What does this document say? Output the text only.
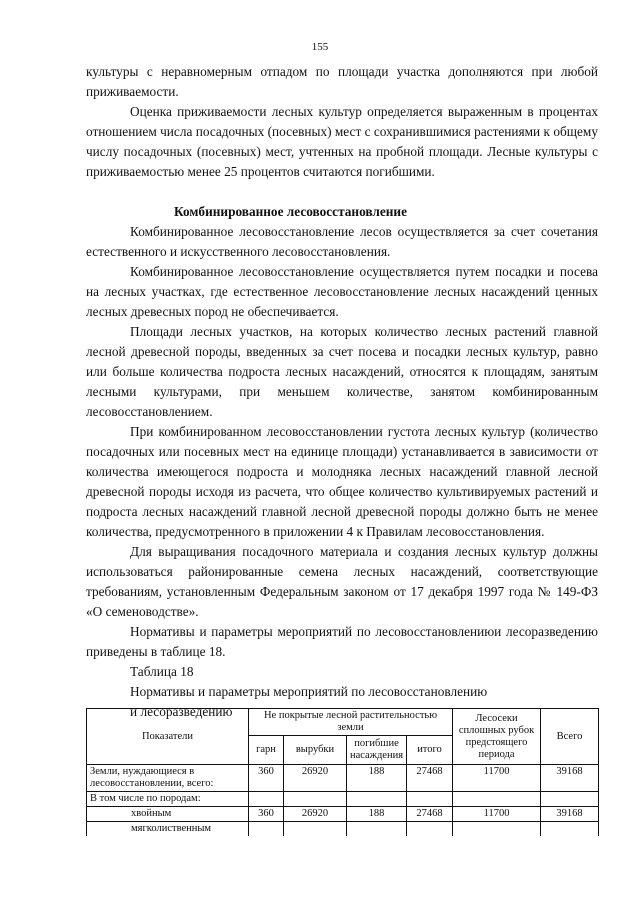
155

культуры с неравномерным отпадом по площади участка дополняются при любой приживаемости.

Оценка приживаемости лесных культур определяется выраженным в процентах отношением числа посадочных (посевных) мест с сохранившимися растениями к общему числу посадочных (посевных) мест, учтенных на пробной площади. Лесные культуры с приживаемостью менее 25 процентов считаются погибшими.

Комбинированное лесовосстановление

Комбинированное лесовосстановление лесов осуществляется за счет сочетания естественного и искусственного лесовосстановления.

Комбинированное лесовосстановление осуществляется путем посадки и посева на лесных участках, где естественное лесовосстановление лесных насаждений ценных лесных древесных пород не обеспечивается.

Площади лесных участков, на которых количество лесных растений главной лесной древесной породы, введенных за счет посева и посадки лесных культур, равно или больше количества подроста лесных насаждений, относятся к площадям, занятым лесными культурами, при меньшем количестве, занятом комбинированным лесовосстановлением.

При комбинированном лесовосстановлении густота лесных культур (количество посадочных или посевных мест на единице площади) устанавливается в зависимости от количества имеющегося подроста и молодняка лесных насаждений главной лесной древесной породы исходя из расчета, что общее количество культивируемых растений и подроста лесных насаждений главной лесной древесной породы должно быть не менее количества, предусмотренного в приложении 4 к Правилам лесовосстановления.

Для выращивания посадочного материала и создания лесных культур должны использоваться районированные семена лесных насаждений, соответствующие требованиям, установленным Федеральным законом от 17 декабря 1997 года № 149-ФЗ «О семеноводстве».

Нормативы и параметры мероприятий по лесовосстановлениюи лесоразведению приведены в таблице 18.

Таблица 18

Нормативы и параметры мероприятий по лесовосстановлению

и лесоразведению

Показатели	Не покрытые лесной растительностью земли				Лесосеки сплошных рубок предстоящего периода	Всего
	гарн	вырубки	погибшие насаждения	итого		
Земли, нуждающиеся в лесовосстановлении, всего:	360	26920	188	27468	11700	39168
В том числе по породам:						
хвойным	360	26920	188	27468	11700	39168
мягколиственным						
